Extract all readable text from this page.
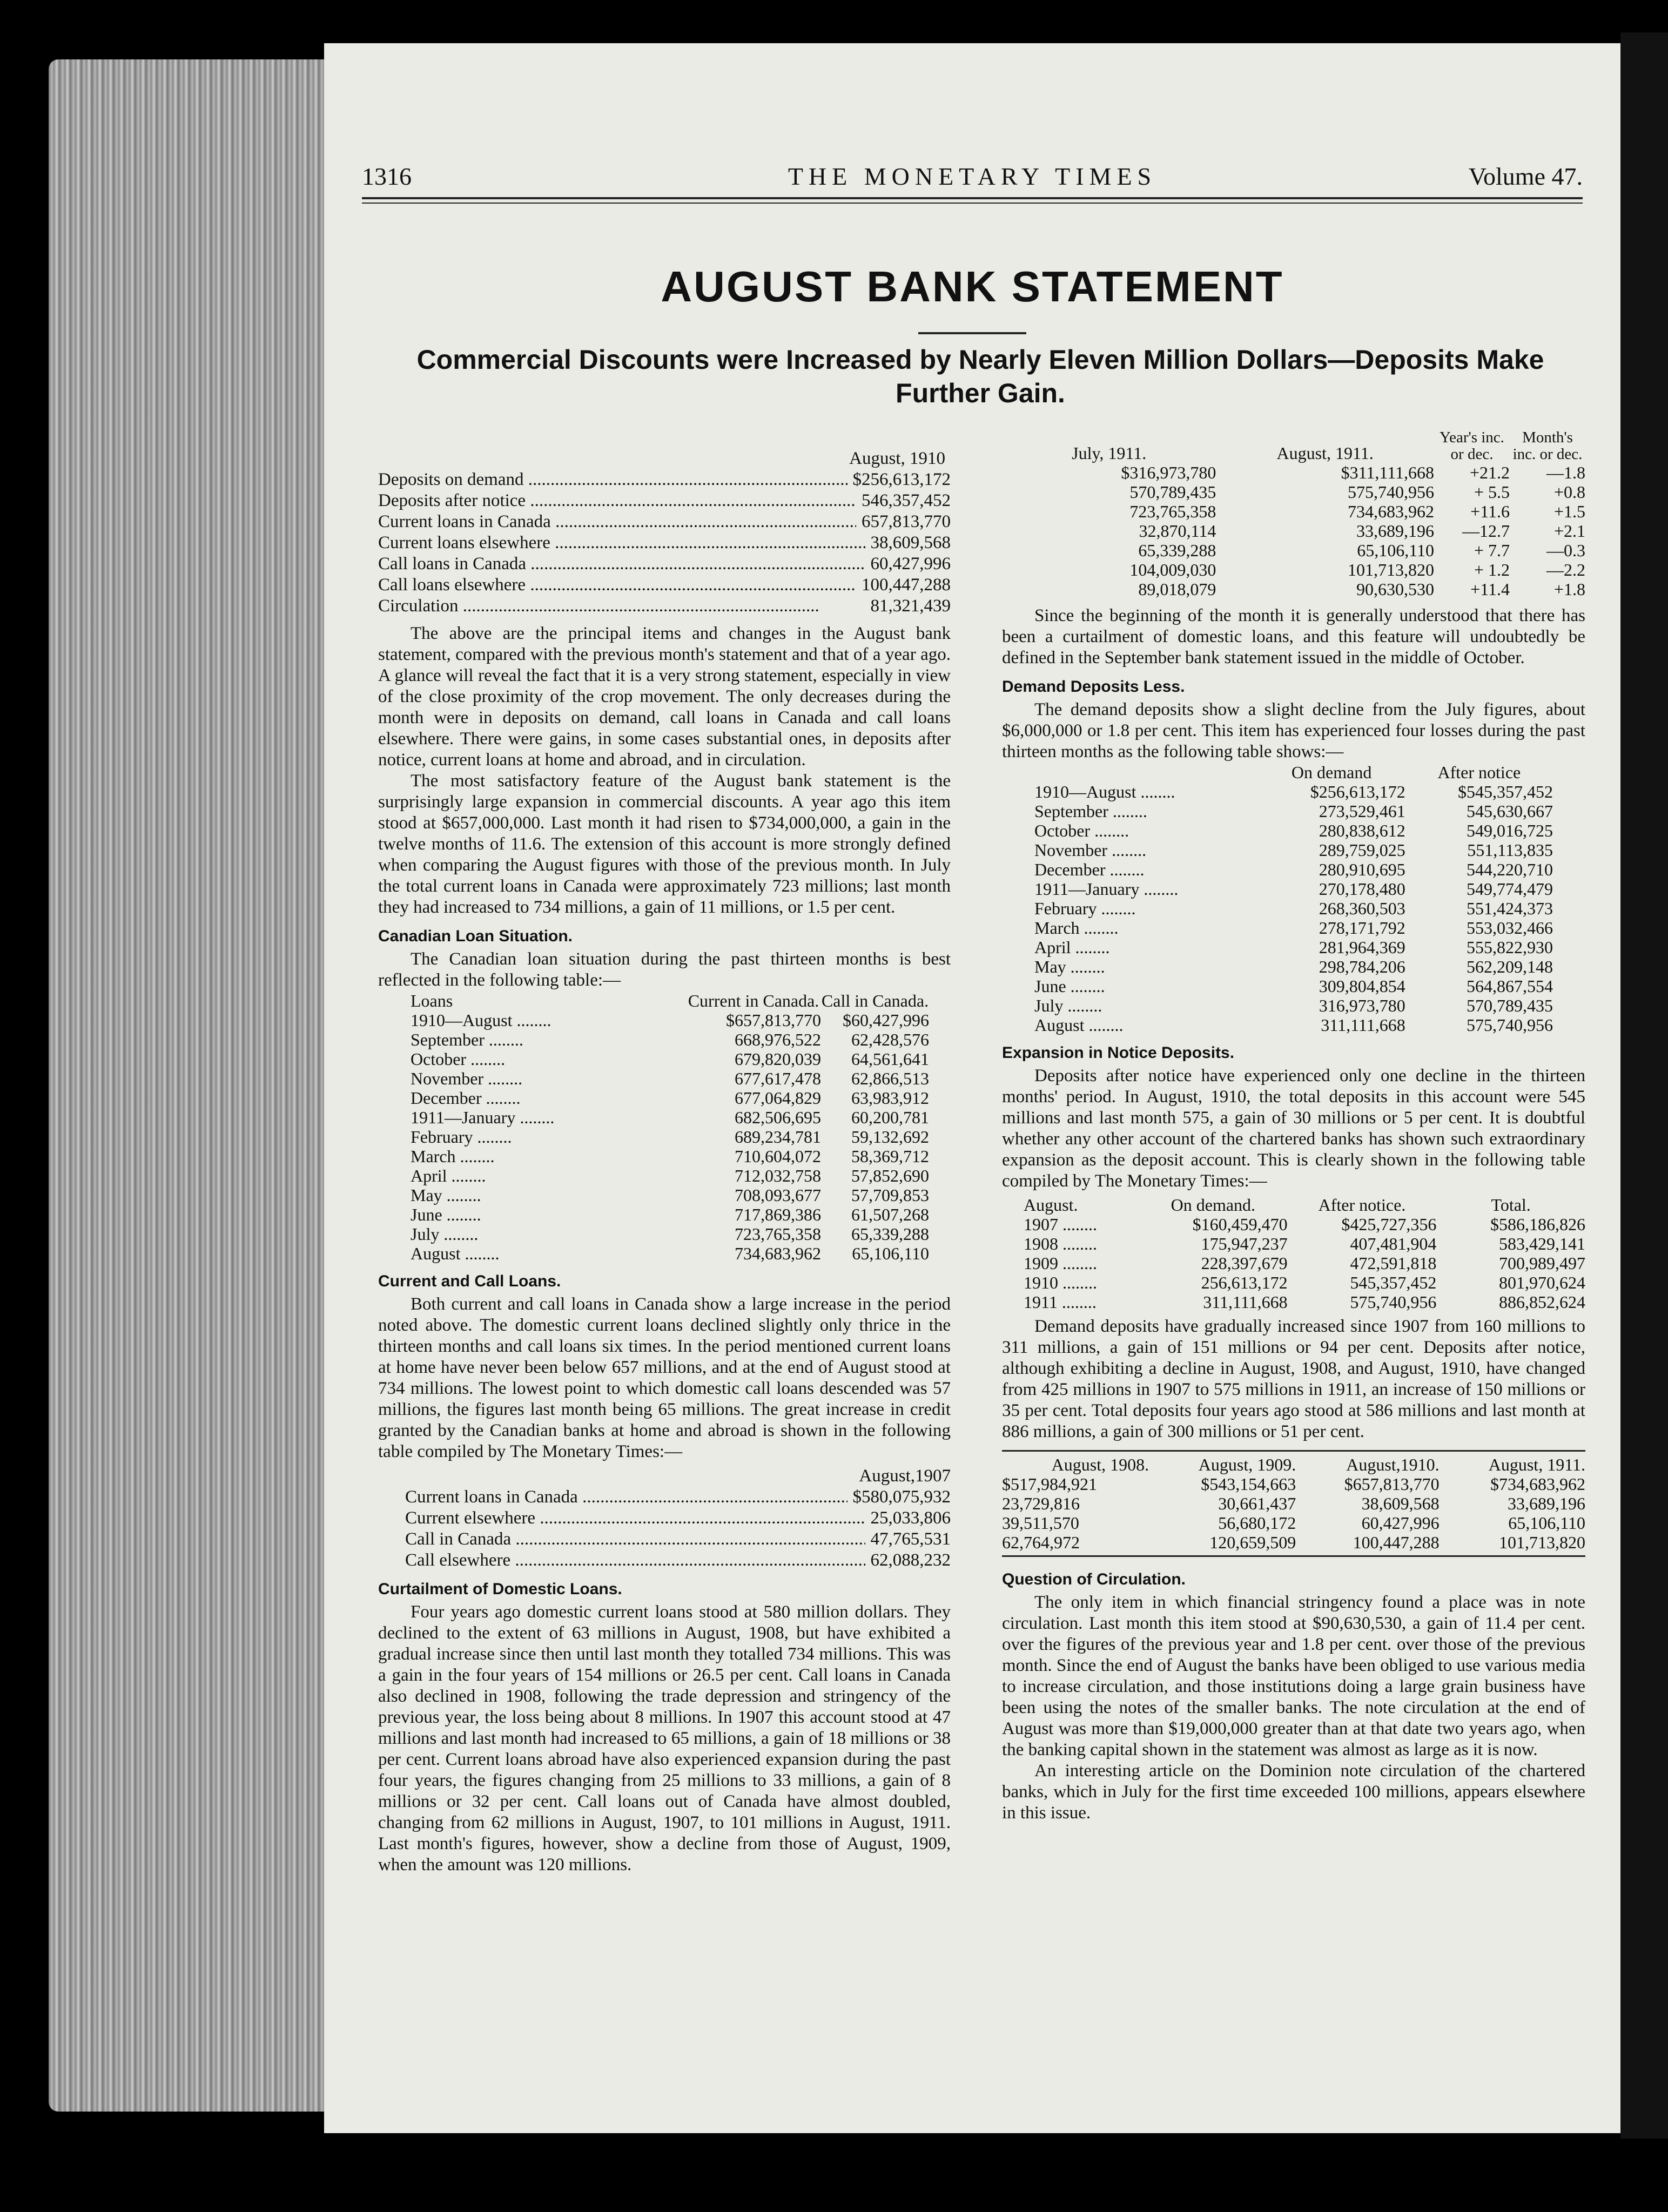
1316	THE MONETARY TIMES	Volume 47.
AUGUST BANK STATEMENT
Commercial Discounts were Increased by Nearly Eleven Million Dollars—Deposits Make Further Gain.
August, 1910
Deposits on demand .....	$256,613,172
Deposits after notice .....	546,357,452
Current loans in Canada .....	657,813,770
Current loans elsewhere .....	38,609,568
Call loans in Canada .....	60,427,996
Call loans elsewhere .....	100,447,288
Circulation .....	81,321,439

The above are the principal items and changes in the August bank statement, compared with the previous month's statement and that of a year ago. A glance will reveal the fact that it is a very strong statement, especially in view of the close proximity of the crop movement. The only decreases during the month were in deposits on demand, call loans in Canada and call loans elsewhere. There were gains, in some cases substantial ones, in deposits after notice, current loans at home and abroad, and in circulation.

The most satisfactory feature of the August bank statement is the surprisingly large expansion in commercial discounts. A year ago this item stood at $657,000,000. Last month it had risen to $734,000,000, a gain in the twelve months of 11.6. The extension of this account is more strongly defined when comparing the August figures with those of the previous month. In July the total current loans in Canada were approximately 723 millions; last month they had increased to 734 millions, a gain of 11 millions, or 1.5 per cent.

Canadian Loan Situation.

The Canadian loan situation during the past thirteen months is best reflected in the following table:—

Loans	Current in Canada.	Call in Canada.
1910—August .....	$657,813,770	$60,427,996
September .....	668,976,522	62,428,576
October .....	679,820,039	64,561,641
November .....	677,617,478	62,866,513
December .....	677,064,829	63,983,912
1911—January .....	682,506,695	60,200,781
February .....	689,234,781	59,132,692
March .....	710,604,072	58,369,712
April .....	712,032,758	57,852,690
May .....	708,093,677	57,709,853
June .....	717,869,386	61,507,268
July .....	723,765,358	65,339,288
August .....	734,683,962	65,106,110
Current and Call Loans.

Both current and call loans in Canada show a large increase in the period noted above. The domestic current loans declined slightly only thrice in the thirteen months and call loans six times. In the period mentioned current loans at home have never been below 657 millions, and at the end of August stood at 734 millions. The lowest point to which domestic call loans descended was 57 millions, the figures last month being 65 millions. The great increase in credit granted by the Canadian banks at home and abroad is shown in the following table compiled by The Monetary Times:—

August,1907
Current loans in Canada .....	$580,075,932
Current elsewhere .....	25,033,806
Call in Canada .....	47,765,531
Call elsewhere .....	62,088,232
Curtailment of Domestic Loans.

Four years ago domestic current loans stood at 580 million dollars. They declined to the extent of 63 millions in August, 1908, but have exhibited a gradual increase since then until last month they totalled 734 millions. This was a gain in the four years of 154 millions or 26.5 per cent. Call loans in Canada also declined in 1908, following the trade depression and stringency of the previous year, the loss being about 8 millions. In 1907 this account stood at 47 millions and last month had increased to 65 millions, a gain of 18 millions or 38 per cent. Current loans abroad have also experienced expansion during the past four years, the figures changing from 25 millions to 33 millions, a gain of 8 millions or 32 per cent. Call loans out of Canada have almost doubled, changing from 62 millions in August, 1907, to 101 millions in August, 1911. Last month's figures, however, show a decline from those of August, 1909, when the amount was 120 millions.

July, 1911.	August, 1911.	Year's inc. or dec.	Month's inc. or dec.
$316,973,780	$311,111,668	+21.2	—1.8
570,789,435	575,740,956	+ 5.5	+0.8
723,765,358	734,683,962	+11.6	+1.5
32,870,114	33,689,196	—12.7	+2.1
65,339,288	65,106,110	+ 7.7	—0.3
104,009,030	101,713,820	+ 1.2	—2.2
89,018,079	90,630,530	+11.4	+1.8

Since the beginning of the month it is generally understood that there has been a curtailment of domestic loans, and this feature will undoubtedly be defined in the September bank statement issued in the middle of October.

Demand Deposits Less.

The demand deposits show a slight decline from the July figures, about $6,000,000 or 1.8 per cent. This item has experienced four losses during the past thirteen months as the following table shows:—

	On demand	After notice
1910—August .....	$256,613,172	$545,357,452
September .....	273,529,461	545,630,667
October .....	280,838,612	549,016,725
November .....	289,759,025	551,113,835
December .....	280,910,695	544,220,710
1911—January .....	270,178,480	549,774,479
February .....	268,360,503	551,424,373
March .....	278,171,792	553,032,466
April .....	281,964,369	555,822,930
May .....	298,784,206	562,209,148
June .....	309,804,854	564,867,554
July .....	316,973,780	570,789,435
August .....	311,111,668	575,740,956
Expansion in Notice Deposits.

Deposits after notice have experienced only one decline in the thirteen months' period. In August, 1910, the total deposits in this account were 545 millions and last month 575, a gain of 30 millions or 5 per cent. It is doubtful whether any other account of the chartered banks has shown such extraordinary expansion as the deposit account. This is clearly shown in the following table compiled by The Monetary Times:—

August.	On demand.	After notice.	Total.
1907 .....	$160,459,470	$425,727,356	$586,186,826
1908 .....	175,947,237	407,481,904	583,429,141
1909 .....	228,397,679	472,591,818	700,989,497
1910 .....	256,613,172	545,357,452	801,970,624
1911 .....	311,111,668	575,740,956	886,852,624

Demand deposits have gradually increased since 1907 from 160 millions to 311 millions, a gain of 151 millions or 94 per cent. Deposits after notice, although exhibiting a decline in August, 1908, and August, 1910, have changed from 425 millions in 1907 to 575 millions in 1911, an increase of 150 millions or 35 per cent. Total deposits four years ago stood at 586 millions and last month at 886 millions, a gain of 300 millions or 51 per cent.

August, 1908.	August, 1909.	August,1910.	August, 1911.
$517,984,921	$543,154,663	$657,813,770	$734,683,962
23,729,816	30,661,437	38,609,568	33,689,196
39,511,570	56,680,172	60,427,996	65,106,110
62,764,972	120,659,509	100,447,288	101,713,820
Question of Circulation.

The only item in which financial stringency found a place was in note circulation. Last month this item stood at $90,630,530, a gain of 11.4 per cent. over the figures of the previous year and 1.8 per cent. over those of the previous month. Since the end of August the banks have been obliged to use various media to increase circulation, and those institutions doing a large grain business have been using the notes of the smaller banks. The note circulation at the end of August was more than $19,000,000 greater than at that date two years ago, when the banking capital shown in the statement was almost as large as it is now.

An interesting article on the Dominion note circulation of the chartered banks, which in July for the first time exceeded 100 millions, appears elsewhere in this issue.
